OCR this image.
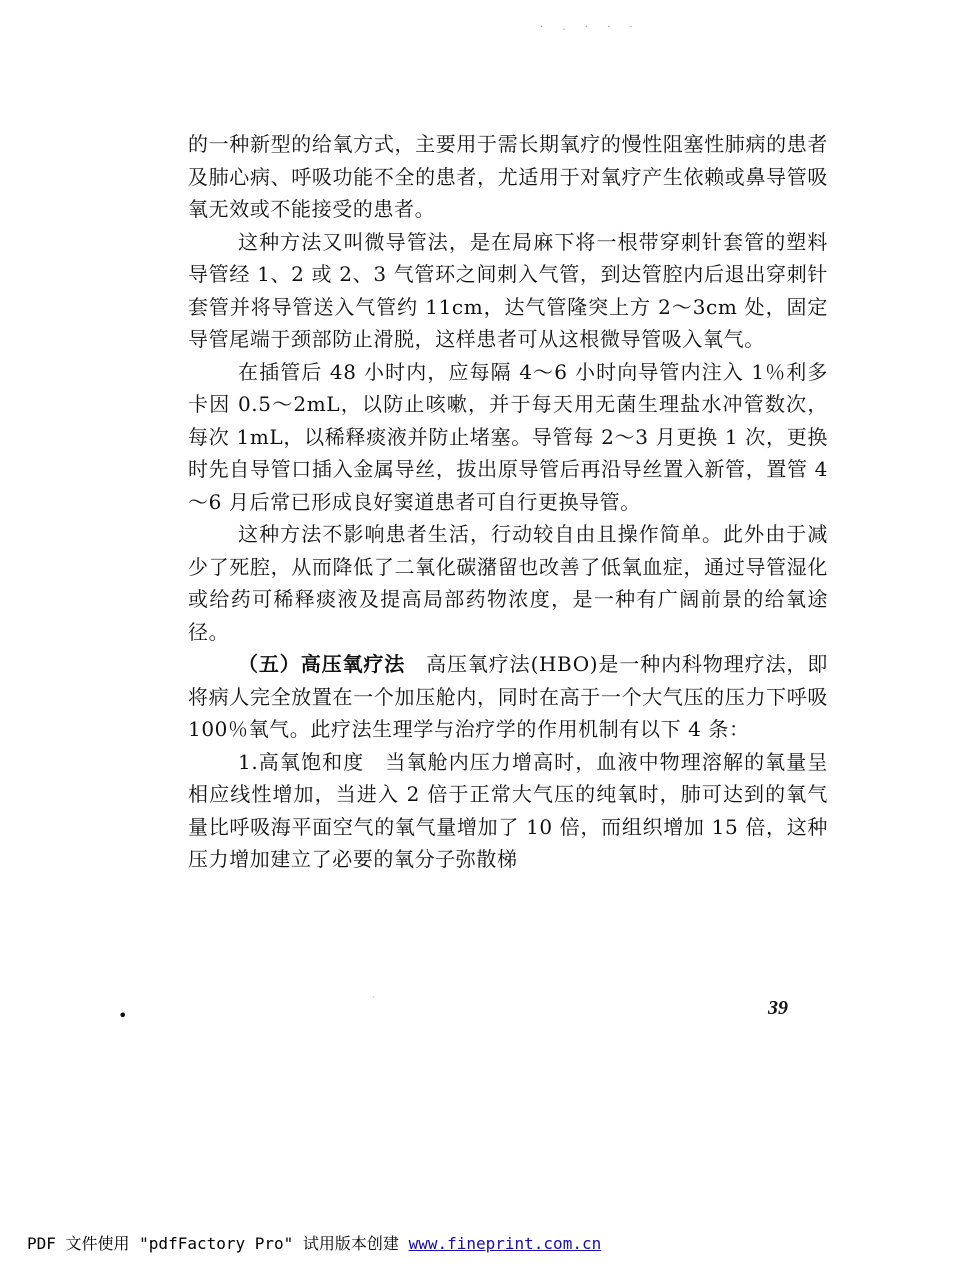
· . · · ·

的一种新型的给氧方式，主要用于需长期氧疗的慢性阻塞性肺病的患者及肺心病、呼吸功能不全的患者，尤适用于对氧疗产生依赖或鼻导管吸氧无效或不能接受的患者。

这种方法又叫微导管法，是在局麻下将一根带穿刺针套管的塑料导管经 1、2 或 2、3 气管环之间刺入气管，到达管腔内后退出穿刺针套管并将导管送入气管约 11cm，达气管隆突上方 2～3cm 处，固定导管尾端于颈部防止滑脱，这样患者可从这根微导管吸入氧气。

在插管后 48 小时内，应每隔 4～6 小时向导管内注入 1％利多卡因 0.5～2mL，以防止咳嗽，并于每天用无菌生理盐水冲管数次，每次 1mL，以稀释痰液并防止堵塞。导管每 2～3 月更换 1 次，更换时先自导管口插入金属导丝，拔出原导管后再沿导丝置入新管，置管 4～6 月后常已形成良好窦道患者可自行更换导管。

这种方法不影响患者生活，行动较自由且操作简单。此外由于减少了死腔，从而降低了二氧化碳潴留也改善了低氧血症，通过导管湿化或给药可稀释痰液及提高局部药物浓度，是一种有广阔前景的给氧途径。

（五）高压氧疗法  高压氧疗法(HBO)是一种内科物理疗法，即将病人完全放置在一个加压舱内，同时在高于一个大气压的压力下呼吸 100％氧气。此疗法生理学与治疗学的作用机制有以下 4 条：

1.高氧饱和度  当氧舱内压力增高时，血液中物理溶解的氧量呈相应线性增加，当进入 2 倍于正常大气压的纯氧时，肺可达到的氧气量比呼吸海平面空气的氧气量增加了 10 倍，而组织增加 15 倍，这种压力增加建立了必要的氧分子弥散梯

•
·	39
PDF 文件使用 "pdfFactory Pro" 试用版本创建 www.fineprint.com.cn
